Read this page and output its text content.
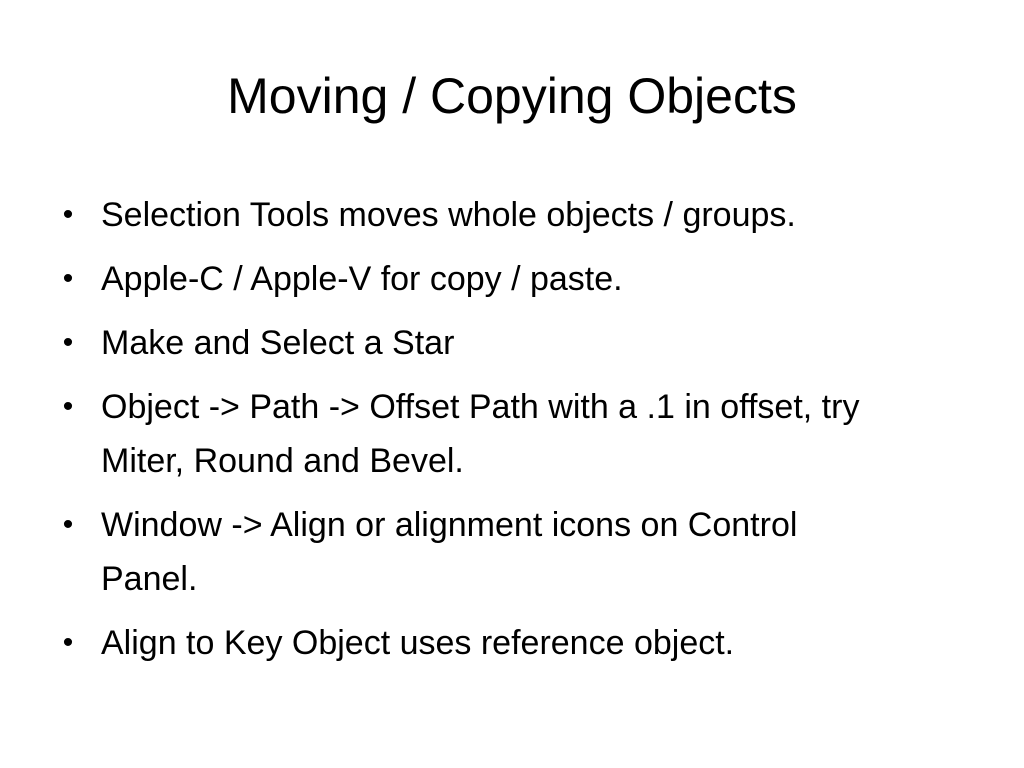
Moving / Copying Objects
• Selection Tools moves whole objects / groups.
• Apple-C / Apple-V for copy / paste.
• Make and Select a Star
• Object -> Path -> Offset Path with a .1 in offset, try Miter, Round and Bevel.
• Window -> Align or alignment icons on Control Panel.
• Align to Key Object uses reference object.
